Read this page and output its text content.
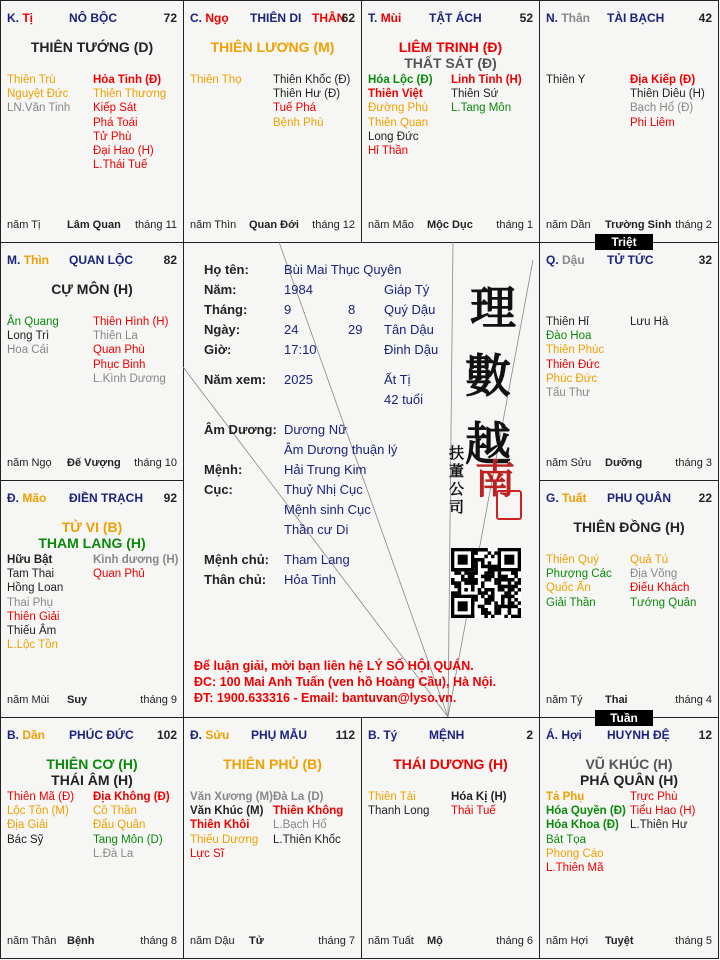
K. Tị	NÔ BỘC	72
THIÊN TƯỚNG (D)
Thiên Trù
Nguyệt Đức
LN.Văn Tinh
Hỏa Tinh (Đ)
Thiên Thương
Kiếp Sát
Phá Toái
Tử Phù
Đại Hao (H)
L.Thái Tuế
năm Tị Lâm Quan tháng 11
C. Ngọ THIÊN DI THÂN
62
THIÊN LƯƠNG (M)
Thiên Thọ	Thiên Khốc (Đ)
Thiên Hư (Đ)
Tuế Phá
Bệnh Phù
năm Thìn Quan Đới tháng 12
T. Mùi TẬT ÁCH	52
LIÊM TRINH (Đ)
THẤT SÁT (Đ)
Hóa Lộc (Đ)
Thiên Việt
Đường Phù
Thiên Quan
Long Đức
Hỉ Thần
Linh Tinh (H)
Thiên Sứ
L.Tang Môn
năm Mão Mộc Dục tháng 1
N. Thân TÀI BẠCH	42
Thiên Y	Địa Kiếp (Đ)
Thiên Diêu (H)
Bạch Hổ (Đ)
Phi Liêm
năm Dần Trường Sinh tháng 2
M. Thìn QUAN LỘC	82
CỰ MÔN (H)
Ân Quang
Long Trì
Hoa Cái
Thiên Hình (H)
Thiên La
Quan Phù
Phục Binh
L.Kình Dương
năm Ngọ Đế Vượng tháng 10
Q. Dậu TỬ TỨC	32
Thiên Hỉ
Đào Hoa
Thiên Phúc
Thiên Đức
Phúc Đức
Tấu Thư
Lưu Hà
năm Sửu Dưỡng	tháng 3
Đ. Mão ĐIỀN TRẠCH 92
TỬ VI (B)
THAM LANG (H)
Hữu Bật
Tam Thai
Hồng Loan
Thai Phụ
Thiên Giải
Thiếu Âm
L.Lộc Tồn
Kình dương (H)
Quan Phủ
năm Mùi Suy	tháng 9
G. Tuất PHU QUÂN 22
THIÊN ĐỒNG (H)
Thiên Quý
Phượng Các
Quốc Ấn
Giải Thần
Quả Tú
Địa Võng
Điếu Khách
Tướng Quân
năm Tý Thai	tháng 4
B. Dần PHÚC ĐỨC 102
THIÊN CƠ (H)
THÁI ÂM (H)
Thiên Mã (Đ)
Lộc Tồn (M)
Địa Giải
Bác Sỹ
Địa Không (Đ)
Cô Thần
Đẩu Quân
Tang Môn (D)
L.Đà La
năm Thân Bệnh	tháng 8
Đ. Sửu PHỤ MẪU 112
THIÊN PHỦ (B)
Văn Xương (M)
Văn Khúc (M)
Thiên Khôi
Thiếu Dương
Lực Sĩ
Đà La (D)
Thiên Không
L.Bạch Hổ
L.Thiên Khốc
năm Dậu Tử	tháng 7
B. Tý	MỆNH	2
THÁI DƯƠNG (H)
Thiên Tài
Thanh Long
Hóa Kị (H)
Thái Tuế
năm Tuất Mộ	tháng 6
Á. Hợi HUYNH ĐỆ 12
VŨ KHÚC (H)
PHÁ QUÂN (H)
Tả Phụ
Hóa Quyền (Đ)
Hóa Khoa (Đ)
Bát Tọa
Phong Cáo
L.Thiên Mã
Trực Phù
Tiểu Hao (H)
L.Thiên Hư
năm Hợi Tuyệt	tháng 5
Triệt
Tuần
Họ tên:	Bùi Mai Thục Quyên
Năm:	1984	Giáp Tý
Tháng:	9	8 Quý Dậu
Ngày:	24	29 Tân Dậu
Giờ:	17:10	Đinh Dậu
Năm xem: 2025	Ất Tị
42 tuổi
Âm Dương: Dương Nữ
Âm Dương thuận lý
Mệnh:	Hải Trung Kim
Cục:	Thuỷ Nhị Cục
Mệnh sinh Cục
Thần cư Di
Mệnh chủ: Tham Lang
Thân chủ: Hỏa Tinh
Để luận giải, mời bạn liên hệ LÝ SỐ HỘI QUÁN.
ĐC: 100 Mai Anh Tuấn (ven hồ Hoàng Cầu), Hà Nội.
ĐT: 1900.633316 - Email: bantuvan@lyso.vn.
理
數
越
南
扶
董
公
司
